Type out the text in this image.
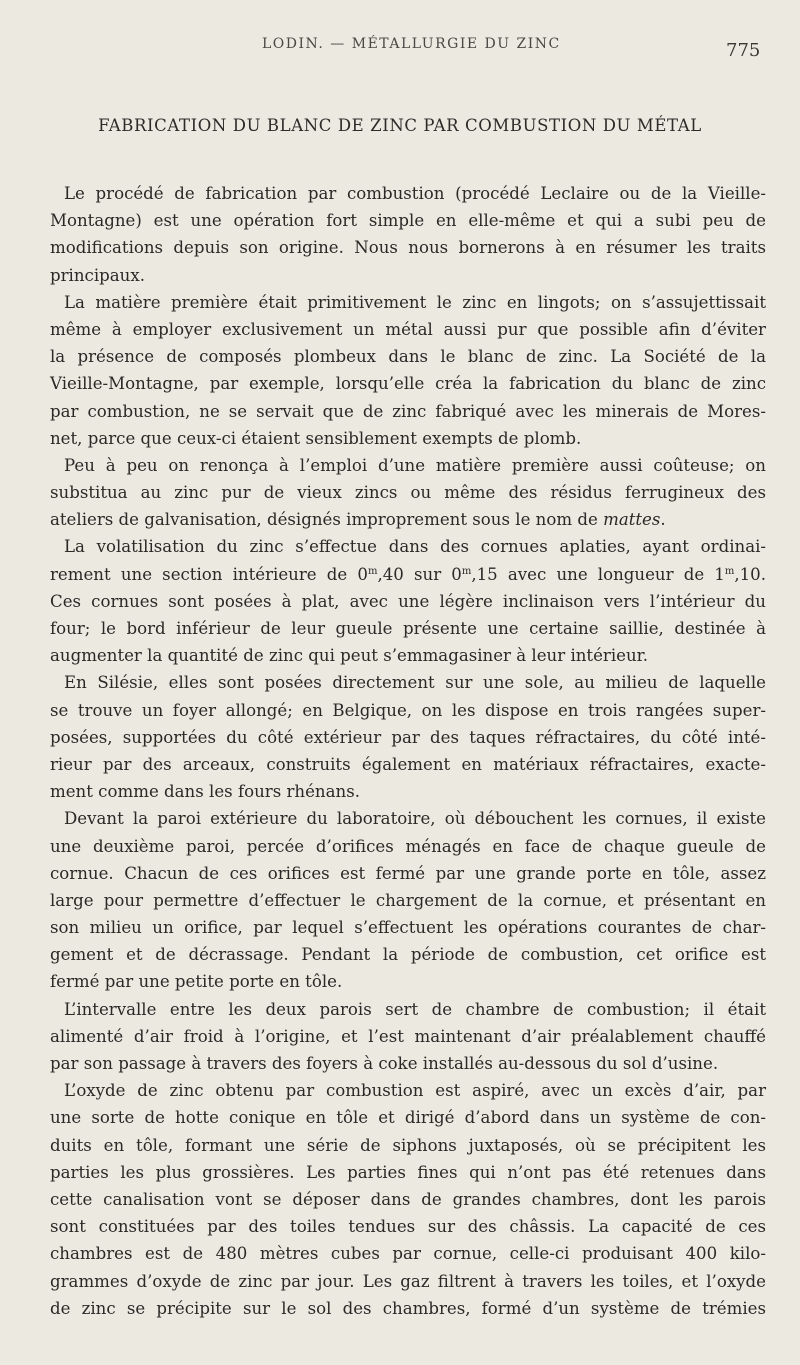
LODIN. — MÉTALLURGIE DU ZINC	775
FABRICATION DU BLANC DE ZINC PAR COMBUSTION DU MÉTAL
Le procédé de fabrication par combustion (procédé Leclaire ou de la Vieille-
Montagne) est une opération fort simple en elle-même et qui a subi peu de
modifications depuis son origine. Nous nous bornerons à en résumer les traits
principaux.
La matière première était primitivement le zinc en lingots; on s’assujettissait
même à employer exclusivement un métal aussi pur que possible afin d’éviter
la présence de composés plombeux dans le blanc de zinc. La Société de la
Vieille-Montagne, par exemple, lorsqu’elle créa la fabrication du blanc de zinc
par combustion, ne se servait que de zinc fabriqué avec les minerais de Mores-
net, parce que ceux-ci étaient sensiblement exempts de plomb.
Peu à peu on renonça à l’emploi d’une matière première aussi coûteuse; on
substitua au zinc pur de vieux zincs ou même des résidus ferrugineux des
ateliers de galvanisation, désignés improprement sous le nom de mattes.
La volatilisation du zinc s’effectue dans des cornues aplaties, ayant ordinai-
rement une section intérieure de 0$^m$,40 sur 0$^m$,15 avec une longueur de 1$^m$,10.
Ces cornues sont posées à plat, avec une légère inclinaison vers l’intérieur du
four; le bord inférieur de leur gueule présente une certaine saillie, destinée à
augmenter la quantité de zinc qui peut s’emmagasiner à leur intérieur.
En Silésie, elles sont posées directement sur une sole, au milieu de laquelle
se trouve un foyer allongé; en Belgique, on les dispose en trois rangées super-
posées, supportées du côté extérieur par des taques réfractaires, du côté inté-
rieur par des arceaux, construits également en matériaux réfractaires, exacte-
ment comme dans les fours rhénans.
Devant la paroi extérieure du laboratoire, où débouchent les cornues, il existe
une deuxième paroi, percée d’orifices ménagés en face de chaque gueule de
cornue. Chacun de ces orifices est fermé par une grande porte en tôle, assez
large pour permettre d’effectuer le chargement de la cornue, et présentant en
son milieu un orifice, par lequel s’effectuent les opérations courantes de char-
gement et de décrassage. Pendant la période de combustion, cet orifice est
fermé par une petite porte en tôle.
L’intervalle entre les deux parois sert de chambre de combustion; il était
alimenté d’air froid à l’origine, et l’est maintenant d’air préalablement chauffé
par son passage à travers des foyers à coke installés au-dessous du sol d’usine.
L’oxyde de zinc obtenu par combustion est aspiré, avec un excès d’air, par
une sorte de hotte conique en tôle et dirigé d’abord dans un système de con-
duits en tôle, formant une série de siphons juxtaposés, où se précipitent les
parties les plus grossières. Les parties fines qui n’ont pas été retenues dans
cette canalisation vont se déposer dans de grandes chambres, dont les parois
sont constituées par des toiles tendues sur des châssis. La capacité de ces
chambres est de 480 mètres cubes par cornue, celle-ci produisant 400 kilo-
grammes d’oxyde de zinc par jour. Les gaz filtrent à travers les toiles, et l’oxyde
de zinc se précipite sur le sol des chambres, formé d’un système de trémies
